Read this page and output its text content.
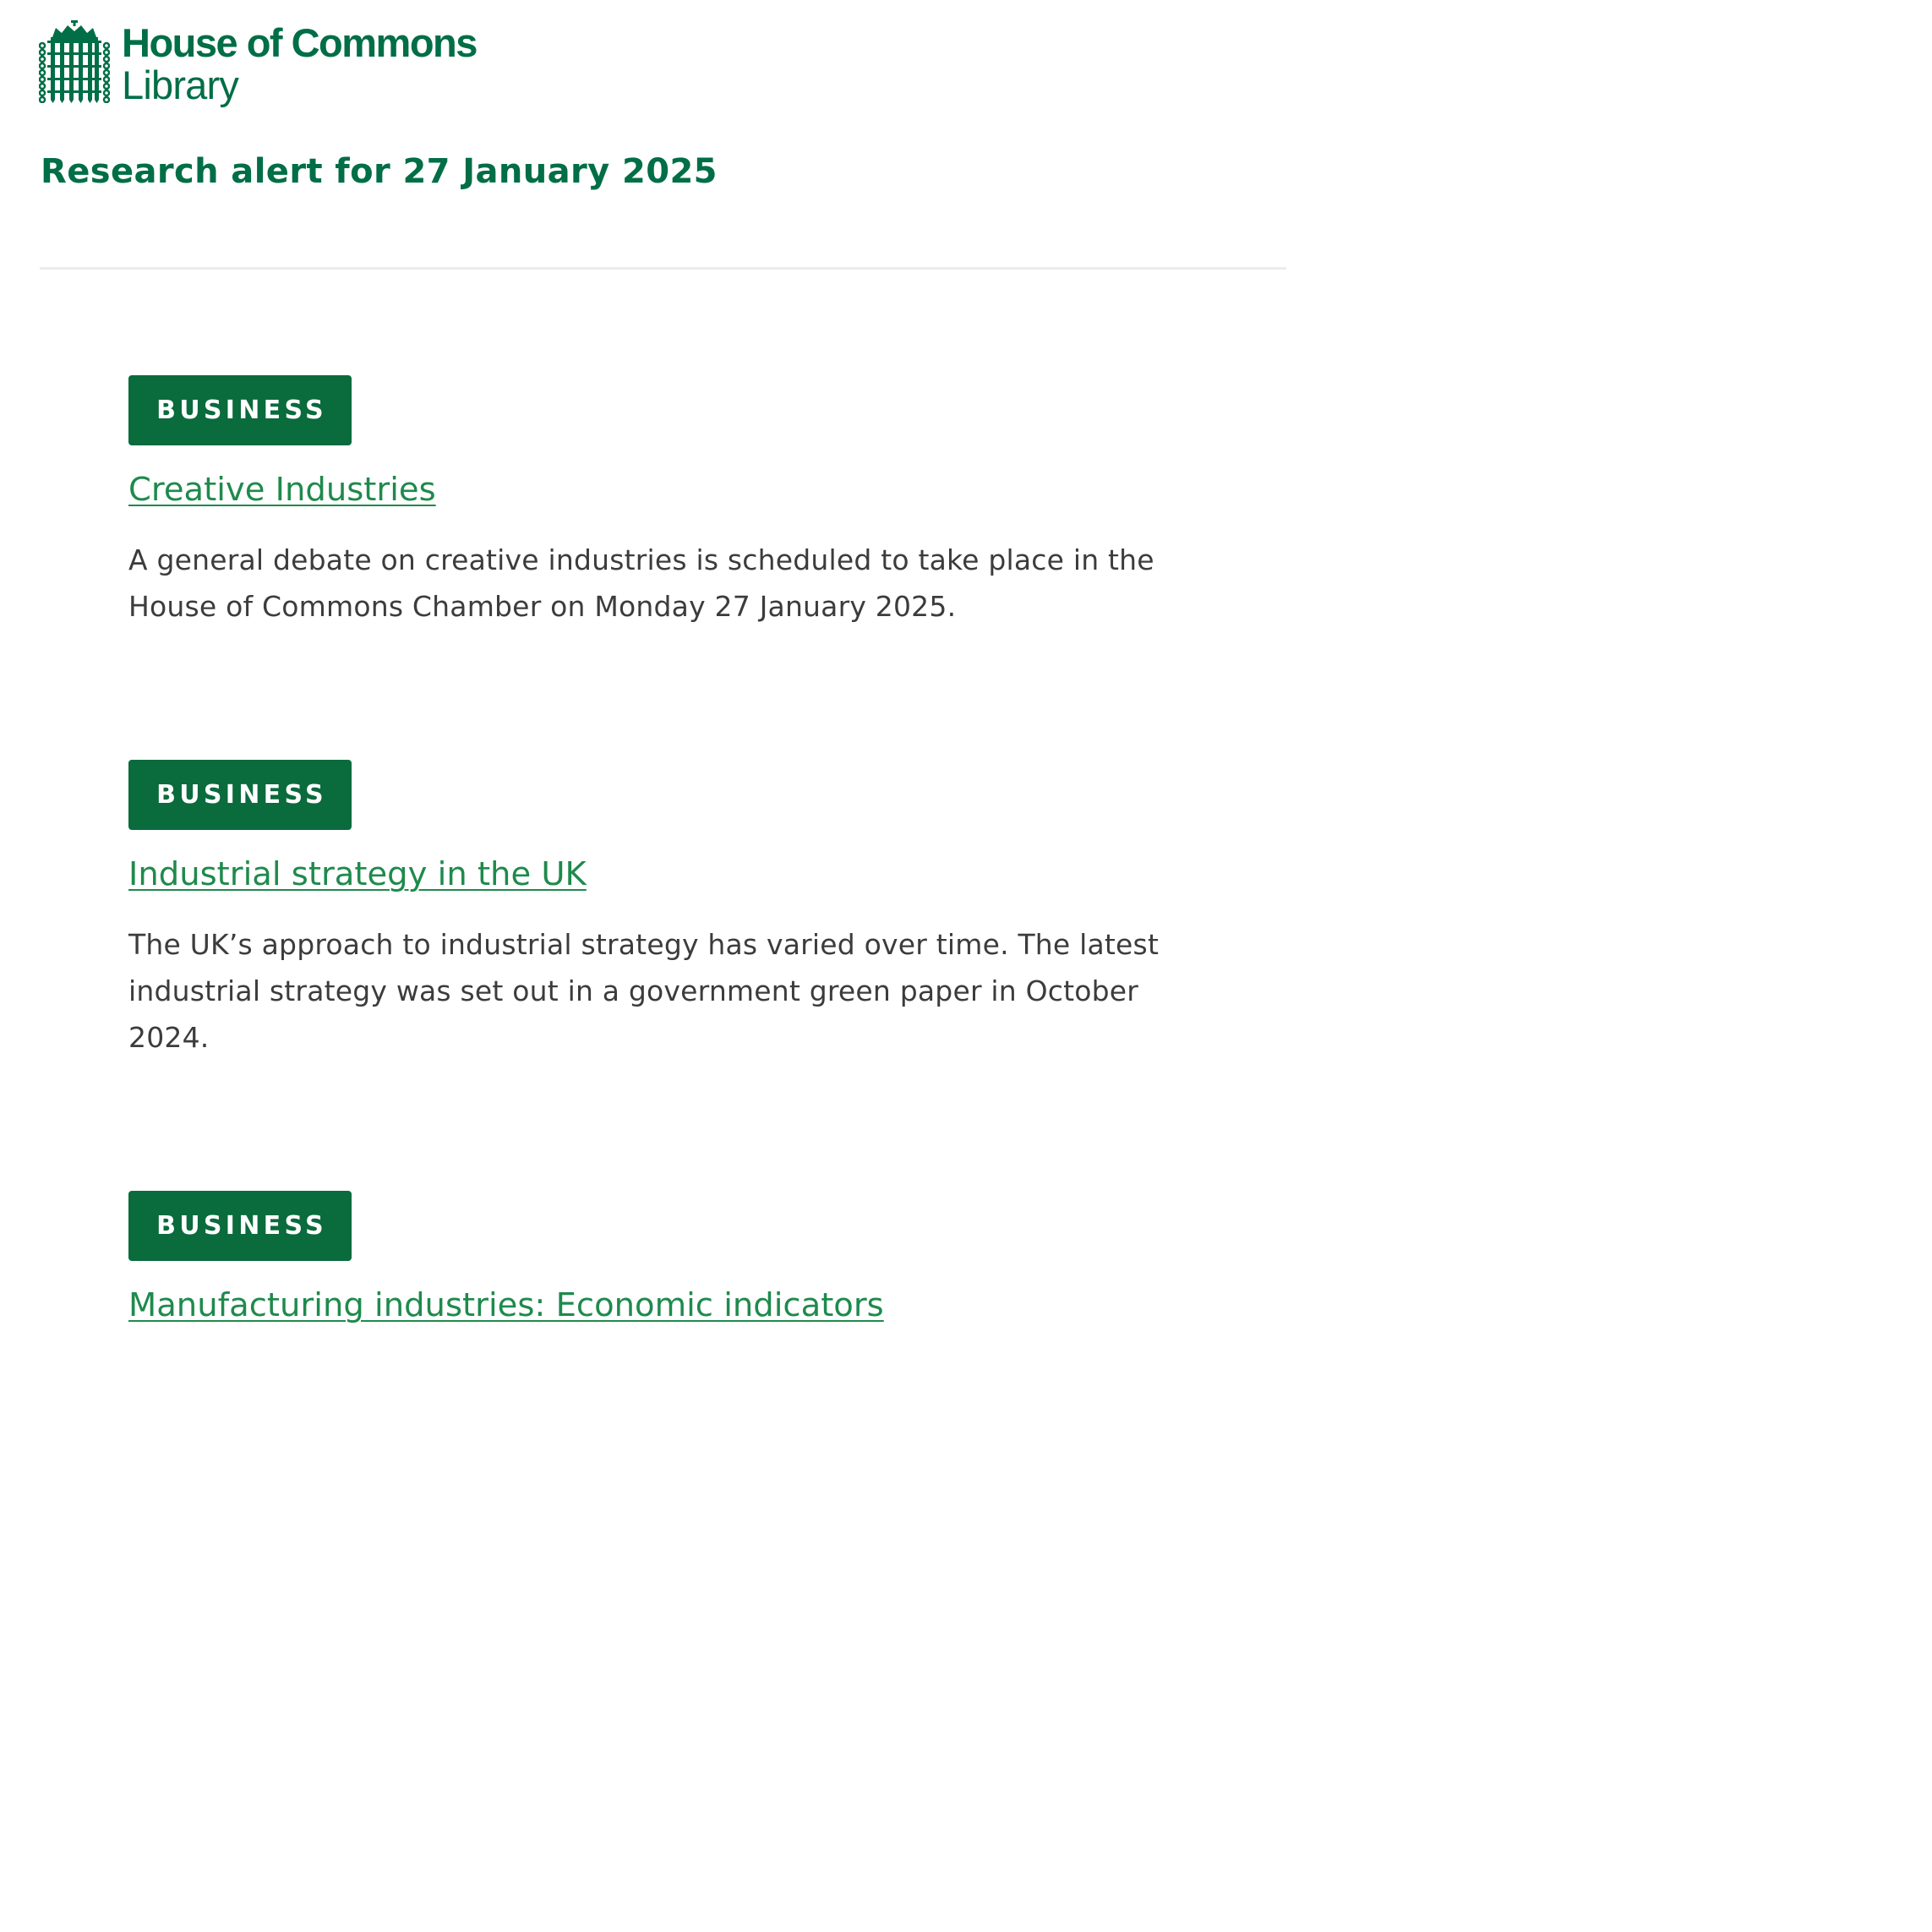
House of Commons
Library
Research alert for 27 January 2025
BUSINESS
Creative Industries

A general debate on creative industries is scheduled to take place in the House of Commons Chamber on Monday 27 January 2025.

BUSINESS
Industrial strategy in the UK

The UK’s approach to industrial strategy has varied over time. The latest industrial strategy was set out in a government green paper in October 2024.

BUSINESS
Manufacturing industries: Economic indicators
